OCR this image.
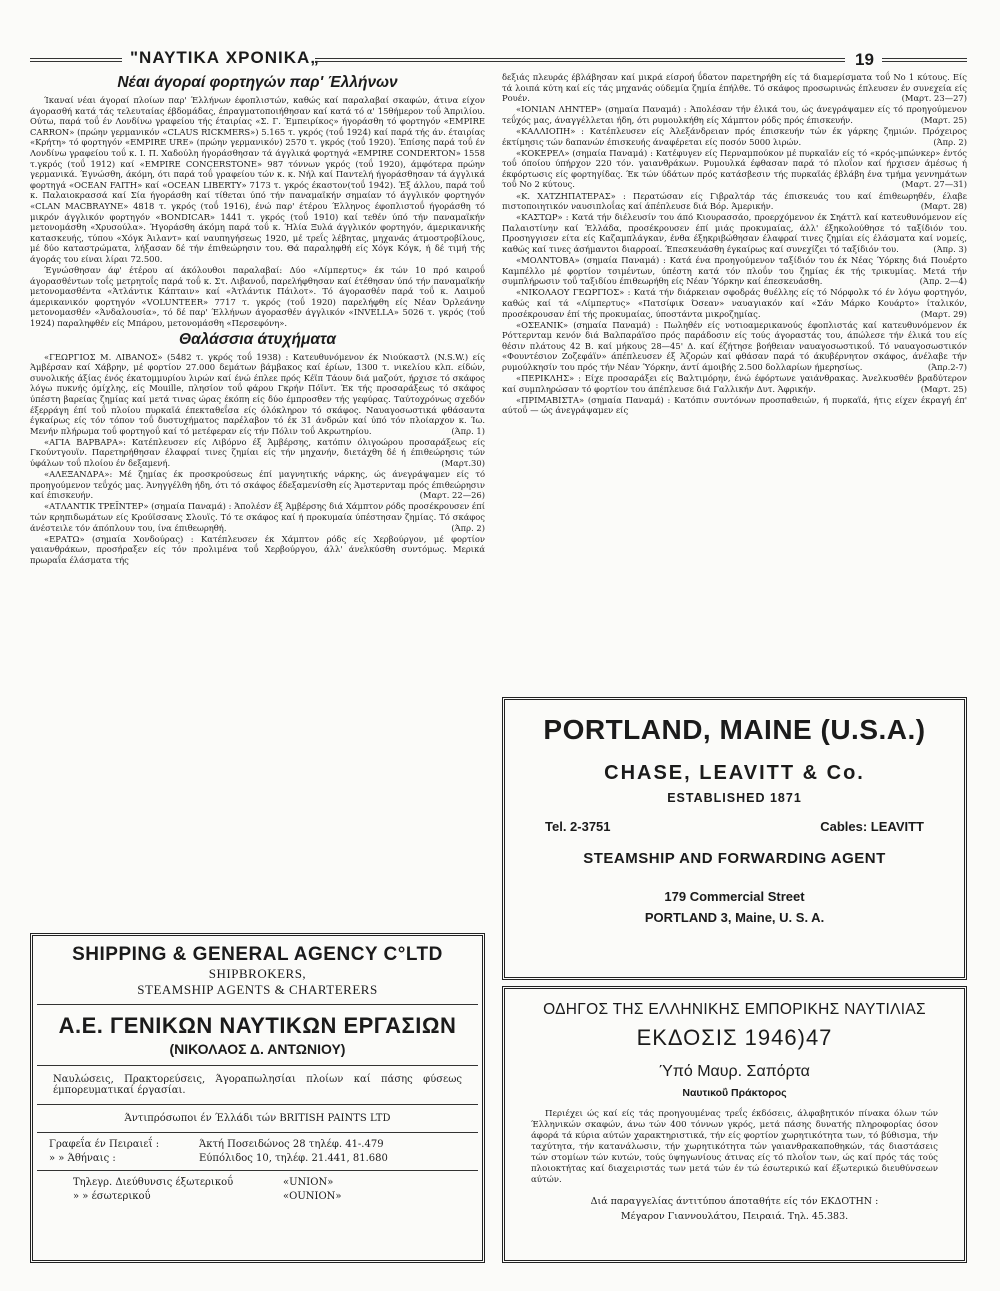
"ΝΑΥΤΙΚΑ ΧΡΟΝΙΚΑ„	19
Νέαι άγοραί φορτηγών παρ' Έλλήνων

Ίκαναί νέαι άγοραί πλοίων παρ' Έλλήνων έφοπλιστών, καθώς καί παραλαβαί σκαφών, άτινα είχον άγορασθή κατά τάς τελευταίας έβδομάδας, έπραγματοποιήθησαν καί κατά τό α' 15θήμερον τοΰ Άπριλίου. Ούτω, παρά τοΰ έν Λονδίνω γραφείου τής έταιρίας «Σ. Γ. Έμπειρίκος» ήγοράσθη τό φορτηγόν «EMPIRE CARRON» (πρώην γερμανικόν «CLAUS RICKMERS») 5.165 τ. γκρός (τοΰ 1924) καί παρά τής άν. έταιρίας «Κρήτη» τό φορτηγόν «EMPIRE URE» (πρώην γερμανικόν) 2570 τ. γκρός (τοΰ 1920). Έπίσης παρά τοΰ έν Λονδίνω γραφείου τοΰ κ. Ι. Π. Χαδούλη ήγοράσθησαν τά άγγλικά φορτηγά «EMPIRE CONDERTON» 1558 τ.γκρός (τοΰ 1912) καί «EMPIRE CONCERSTONE» 987 τόννων γκρός (τοΰ 1920), άμφότερα πρώην γερμανικά. Έγνώσθη, άκόμη, ότι παρά τοΰ γραφείου τών κ. κ. Νήλ καί Παντελή ήγοράσθησαν τά άγγλικά φορτηγά «OCEAN FAITH» καί «OCEAN LIBERTY» 7173 τ. γκρός έκαστον(τοΰ 1942). Έξ άλλου, παρά τοΰ κ. Παλαιοκρασσά καί Σία ήγοράσθη καί τίθεται ύπό τήν παναμαϊκήν σημαίαν τό άγγλικόν φορτηγόν «CLAN MACBRAYNE» 4818 τ. γκρός (τοΰ 1916), ένώ παρ' έτέρου Έλληνος έφοπλιστοΰ ήγοράσθη τό μικρόν άγγλικόν φορτηγόν «BONDICAR» 1441 τ. γκρός (τοΰ 1910) καί τεθέν ύπό τήν παναμαϊκήν μετονομάσθη «Χρυσούλα». Ήγοράσθη άκόμη παρά τοΰ κ. Ήλία Ξυλά άγγλικόν φορτηγόν, άμερικανικής κατασκευής, τύπου «Χόγκ Άιλαντ» καί ναυπηγήσεως 1920, μέ τρεΐς λέβητας, μηχανάς άτμοστροβίλους, μέ δύο καταστρώματα, λήξασαν δέ τήν έπιθεώρησιν του. Θά παραληφθή είς Χόγκ Κόγκ, ή δέ τιμή τής άγοράς του είναι λίραι 72.500.

Έγνώσθησαν άφ' έτέρου αί άκόλουθοι παραλαβαί: Δύο «Λίμπερτυς» έκ τών 10 πρό καιροΰ άγορασθέντων τοΐς μετρητοΐς παρά τοΰ κ. Στ. Λιβανοΰ, παρελήφθησαν καί έτέθησαν ύπό τήν παναμαϊκήν μετονομασθέντα «Άτλάντικ Κάπταιν» καί «Άτλάντικ Πάιλοτ». Τό άγορασθέν παρά τοΰ κ. Λαιμοΰ άμερικανικόν φορτηγόν «VOLUNTEER» 7717 τ. γκρός (τοΰ 1920) παρελήφθη είς Νέαν Όρλεάνην μετονομασθέν «Άνδαλουσία», τό δέ παρ' Έλλήνων άγορασθέν άγγλικόν «INVELLA» 5026 τ. γκρός (τοΰ 1924) παραληφθέν είς Μπάρου, μετονομάσθη «Περσεφόνη».

Θαλάσσια άτυχήματα

«ΓΕΩΡΓΙΟΣ Μ. ΛΙΒΑΝΟΣ» (5482 τ. γκρός τοΰ 1938) : Κατευθυνόμενον έκ Νιούκαστλ (N.S.W.) είς Άμβέρσαν καί Χάβρην, μέ φορτίον 27.000 δεμάτων βάμβακος καί έρίων, 1300 τ. νικελίου κλπ. είδών, συνολικής άξίας ένός έκατομμυρίου λιρών καί ένώ έπλεε πρός Κέϊπ Τάουν διά μαζούτ, ήρχισε τό σκάφος λόγω πυκνής όμίχλης, είς Mouille, πλησίον τοΰ φάρου Γκρήν Πόϊντ. Έκ τής προσαράξεως τό σκάφος ύπέστη βαρείας ζημίας καί μετά τινας ώρας έκόπη είς δύο έμπροσθεν τής γεφύρας. Ταύτοχρόνως σχεδόν έξερράγη έπί τοΰ πλοίου πυρκαϊά έπεκταθεΐσα είς όλόκληρον τό σκάφος. Ναυαγοσωστικά φθάσαντα έγκαίρως είς τόν τόπον τοΰ δυστυχήματος παρέλαβον τό έκ 31 άνδρών καί ύπό τόν πλοίαρχον κ. Ίω. Μενήν πλήρωμα τοΰ φορτηγοΰ καί τό μετέφεραν είς τήν Πόλιν τοΰ Ακρωτηρίου.	(Άπρ. 1)

«ΑΓΙΑ ΒΑΡΒΑΡΑ»: Κατέπλευσεν είς Λιβόρνο έξ Άμβέρσης, κατόπιν όλιγοώρου προσαράξεως είς Γκούντγουϊν. Παρετηρήθησαν έλαφραί τινες ζημίαι είς τήν μηχανήν, διετάχθη δέ ή έπιθεώρησις τών ύφάλων τοΰ πλοίου έν δεξαμενή.	(Μαρτ.30)

«ΑΛΕΞΑΝΔΡΑ»: Μέ ζημίας έκ προσκρούσεως έπί μαγνητικής νάρκης, ώς άνεγράψαμεν είς τό προηγούμενον τεΰχός μας. Άνηγγέλθη ήδη, ότι τό σκάφος έδεξαμενίσθη είς Άμστερνταμ πρός έπιθεώρησιν καί έπισκευήν.	(Μαρτ. 22—26)

«ΑΤΛΑΝΤΙΚ ΤΡΕΪΝΤΕΡ» (σημαία Παναμά) : Άπολέσν έξ Άμβέρσης διά Χάμπτον ρόδς προσέκρουσεν έπί τών κρηπιδωμάτων είς Κρούϊσσανς Σλουϊς. Τό τε σκάφος καί ή προκυμαία ύπέστησαν ζημίας. Τό σκάφος άνέστειλε τόν άπόπλουν του, ίνα έπιθεωρηθή.	(Άπρ. 2)

«ΕΡΑΤΩ» (σημαία Χονδούρας) : Κατέπλευσεν έκ Χάμπτον ρόδς είς Χερβούργον, μέ φορτίον γαιανθράκων, προσήραξεν είς τόν προλιμένα τοΰ Χερβούργου, άλλ' άνελκύσθη συντόμως. Μερικά πρωραΐα έλάσματα τής

δεξιάς πλευράς έβλάβησαν καί μικρά είσροή ΰδατον παρετηρήθη είς τά διαμερίσματα τοΰ No 1 κύτους. Είς τά λοιπά κύτη καί είς τάς μηχανάς ούδεμία ζημία έπήλθε. Τό σκάφος προσωρινώς έπλευσεν έν συνεχεία είς Ρουέν.	(Μαρτ. 23—27)

«ΙΟΝΙΑΝ ΛΗΝΤΕΡ» (σημαία Παναμά) : Άπολέσαν τήν έλικά του, ώς άνεγράψαμεν είς τό προηγούμενον τεΰχός μας, άναγγέλλεται ήδη, ότι ρυμουλκήθη είς Χάμπτον ρόδς πρός έπισκευήν.	(Μαρτ. 25)

«ΚΑΛΛΙΟΠΗ» : Κατέπλευσεν είς Άλεξάνδρειαν πρός έπισκευήν τών έκ γάρκης ζημιών. Πρόχειρος έκτίμησις τών δαπανών έπισκευής άναφέρεται είς ποσόν 5000 λιρών.	(Άπρ. 2)

«ΚΟΚΕΡΕΛ» (σημαία Παναμά) : Κατέφυγεν είς Περναμπούκον μέ πυρκαϊάν είς τό «κρός-μπώνκερ» έντός τοΰ όποίου ύπήρχον 220 τόν. γαιανθράκων. Ρυμουλκά έφθασαν παρά τό πλοΐον καί ήρχισεν άμέσως ή έκφόρτωσις είς φορτηγίδας. Έκ τών ύδάτων πρός κατάσβεσιν τής πυρκαϊάς έβλάβη ένα τμήμα γεννημάτων τοΰ No 2 κύτους.	(Μαρτ. 27—31)

«Κ. ΧΑΤΖΗΠΑΤΕΡΑΣ» : Περατώσαν είς Γιβραλτάρ τάς έπισκευάς του καί έπιθεωρηθέν, έλαβε πιστοποιητικόν ναυσιπλοΐας καί άπέπλευσε διά Βόρ. Άμερικήν.	(Μαρτ. 28)

«ΚΑΣΤΩΡ» : Κατά τήν διέλευσίν του άπό Κιουρασσάο, προερχόμενον έκ Σηάττλ καί κατευθυνόμενον είς Παλαιστίνην καί Έλλάδα, προσέκρουσεν έπί μιάς προκυμαίας, άλλ' έξηκολούθησε τό ταξίδιόν του. Προσηγγισεν είτα είς Καζαμπλάγκαν, ένθα έξηκριβώθησαν έλαφραί τινες ζημίαι είς έλάσματα καί νομείς, καθώς καί τινες άσήμαντοι διαρροαί. Έπεσκευάσθη έγκαίρως καί συνεχίζει τό ταξίδιόν του.	(Άπρ. 3)

«ΜΟΛΝΤΟΒΑ» (σημαία Παναμά) : Κατά ένα προηγούμενον ταξίδιόν του έκ Νέας Ύόρκης διά Πουέρτο Καμπέλλο μέ φορτίον τσιμέντων, ύπέστη κατά τόν πλοΰν του ζημίας έκ τής τρικυμίας. Μετά τήν συμπλήρωσιν τοΰ ταξιδίου έπιθεωρήθη είς Νέαν Ύόρκην καί έπεσκευάσθη.	(Άπρ. 2—4)

«ΝΙΚΟΛΑΟΥ ΓΕΩΡΓΙΟΣ» : Κατά τήν διάρκειαν σφοδράς θυέλλης είς τό Νόρφολκ τό έν λόγω φορτηγόν, καθώς καί τά «Λίμπερτυς» «Πατσίφικ Όσεαν» ναυαγιακόν καί «Σάν Μάρκο Κουάρτο» ίταλικόν, προσέκρουσαν έπί τής προκυμαίας, ύποστάντα μικροζημίας.	(Μαρτ. 29)

«ΟΣΕΑΝΙΚ» (σημαία Παναμά) : Πωληθέν είς νοτιοαμερικανούς έφοπλιστάς καί κατευθυνόμενον έκ Ρόττερνταμ κενόν διά Βαλπαράϊσο πρός παράδοσιν είς τούς άγοραστάς του, άπώλεσε τήν έλικά του είς θέσιν πλάτους 42 Β. καί μήκους 28—45' Δ. καί έζήτησε βοήθειαν ναυαγοσωστικοΰ. Τό ναυαγοσωστικόν «Φουντέσιον Ζοζεφάϊν» άπέπλευσεν έξ Άζορών καί φθάσαν παρά τό άκυβέρνητον σκάφος, άνέλαβε τήν ρυμούλκησίν του πρός τήν Νέαν Ύόρκην, άντί άμοιβής 2.500 δολλαρίων ήμερησίως.	(Άπρ.2-7)

«ΠΕΡΙΚΛΗΣ» : Είχε προσαράξει είς Βαλτιμόρην, ένώ έφόρτωνε γαιάνθρακας. Άνελκυσθέν βραδύτερον καί συμπληρώσαν τό φορτίον του άπέπλευσε διά Γαλλικήν Δυτ. Άφρικήν.	(Μαρτ. 25)

«ΠΡΙΜΑΒΙΣΤΑ» (σημαία Παναμά) : Κατόπιν συντόνων προσπαθειών, ή πυρκαϊά, ήτις είχεν έκραγή έπ' αύτοΰ — ώς άνεγράψαμεν είς

SHIPPING & GENERAL AGENCY C°LTD
SHIPBROKERS,
STEAMSHIP AGENTS & CHARTERERS
Α.Ε. ΓΕΝΙΚΩΝ ΝΑΥΤΙΚΩΝ ΕΡΓΑΣΙΩΝ
(ΝΙΚΟΛΑΟΣ Δ. ΑΝΤΩΝΙΟΥ)
Ναυλώσεις, Πρακτορεύσεις, Άγοραπωλησίαι πλοίων καί πάσης φύσεως έμπορευματικαί έργασίαι.
Άντιπρόσωποι έν Έλλάδι τών BRITISH PAINTS LTD
Γραφεΐα έν Πειραιεΐ :	Άκτή Ποσειδώνος 28 τηλέφ. 41-.479
» » Άθήναις :	Εύπόλιδος 10, τηλέφ. 21.441, 81.680
Τηλεγρ. Διεύθυνσις έξωτερικοΰ	«UNION»
» » έσωτερικοΰ	«OUNION»
PORTLAND, MAINE (U.S.A.)
CHASE, LEAVITT & Co.
ESTABLISHED 1871
Tel. 2-3751	Cables: LEAVITT
STEAMSHIP AND FORWARDING AGENT
179 Commercial Street
PORTLAND 3, Maine, U. S. A.
ΟΔΗΓΟΣ ΤΗΣ ΕΛΛΗΝΙΚΗΣ ΕΜΠΟΡΙΚΗΣ ΝΑΥΤΙΛΙΑΣ
ΕΚΔΟΣΙΣ 1946)47
Ύπό Μαυρ. Σαπόρτα
Ναυτικοΰ Πράκτορος
Περιέχει ώς καί είς τάς προηγουμένας τρεΐς έκδόσεις, άλφαβητικόν πίνακα όλων τών Έλληνικών σκαφών, άνω τών 400 τόννων γκρός, μετά πάσης δυνατής πληροφορίας όσον άφορά τά κύρια αύτών χαρακτηριστικά, τήν είς φορτίον χωρητικότητα των, τό βύθισμα, τήν ταχύτητα, τήν κατανάλωσιν, τήν χωρητικότητα τών γαιανθρακαποθηκών, τάς διαστάσεις τών στομίων τών κυτών, τούς ύψηγωνίους άτινας είς τό πλοΐον των, ώς καί πρός τάς τούς πλοιοκτήτας καί διαχειριστάς των μετά τών έν τώ έσωτερικώ καί έξωτερικώ διευθύνσεων αύτών.
Διά παραγγελίας άντιτύπου άποταθήτε είς τόν ΕΚΔΟΤΗΝ :
Μέγαρον Γιαννουλάτου, Πειραιά. Τηλ. 45.383.
